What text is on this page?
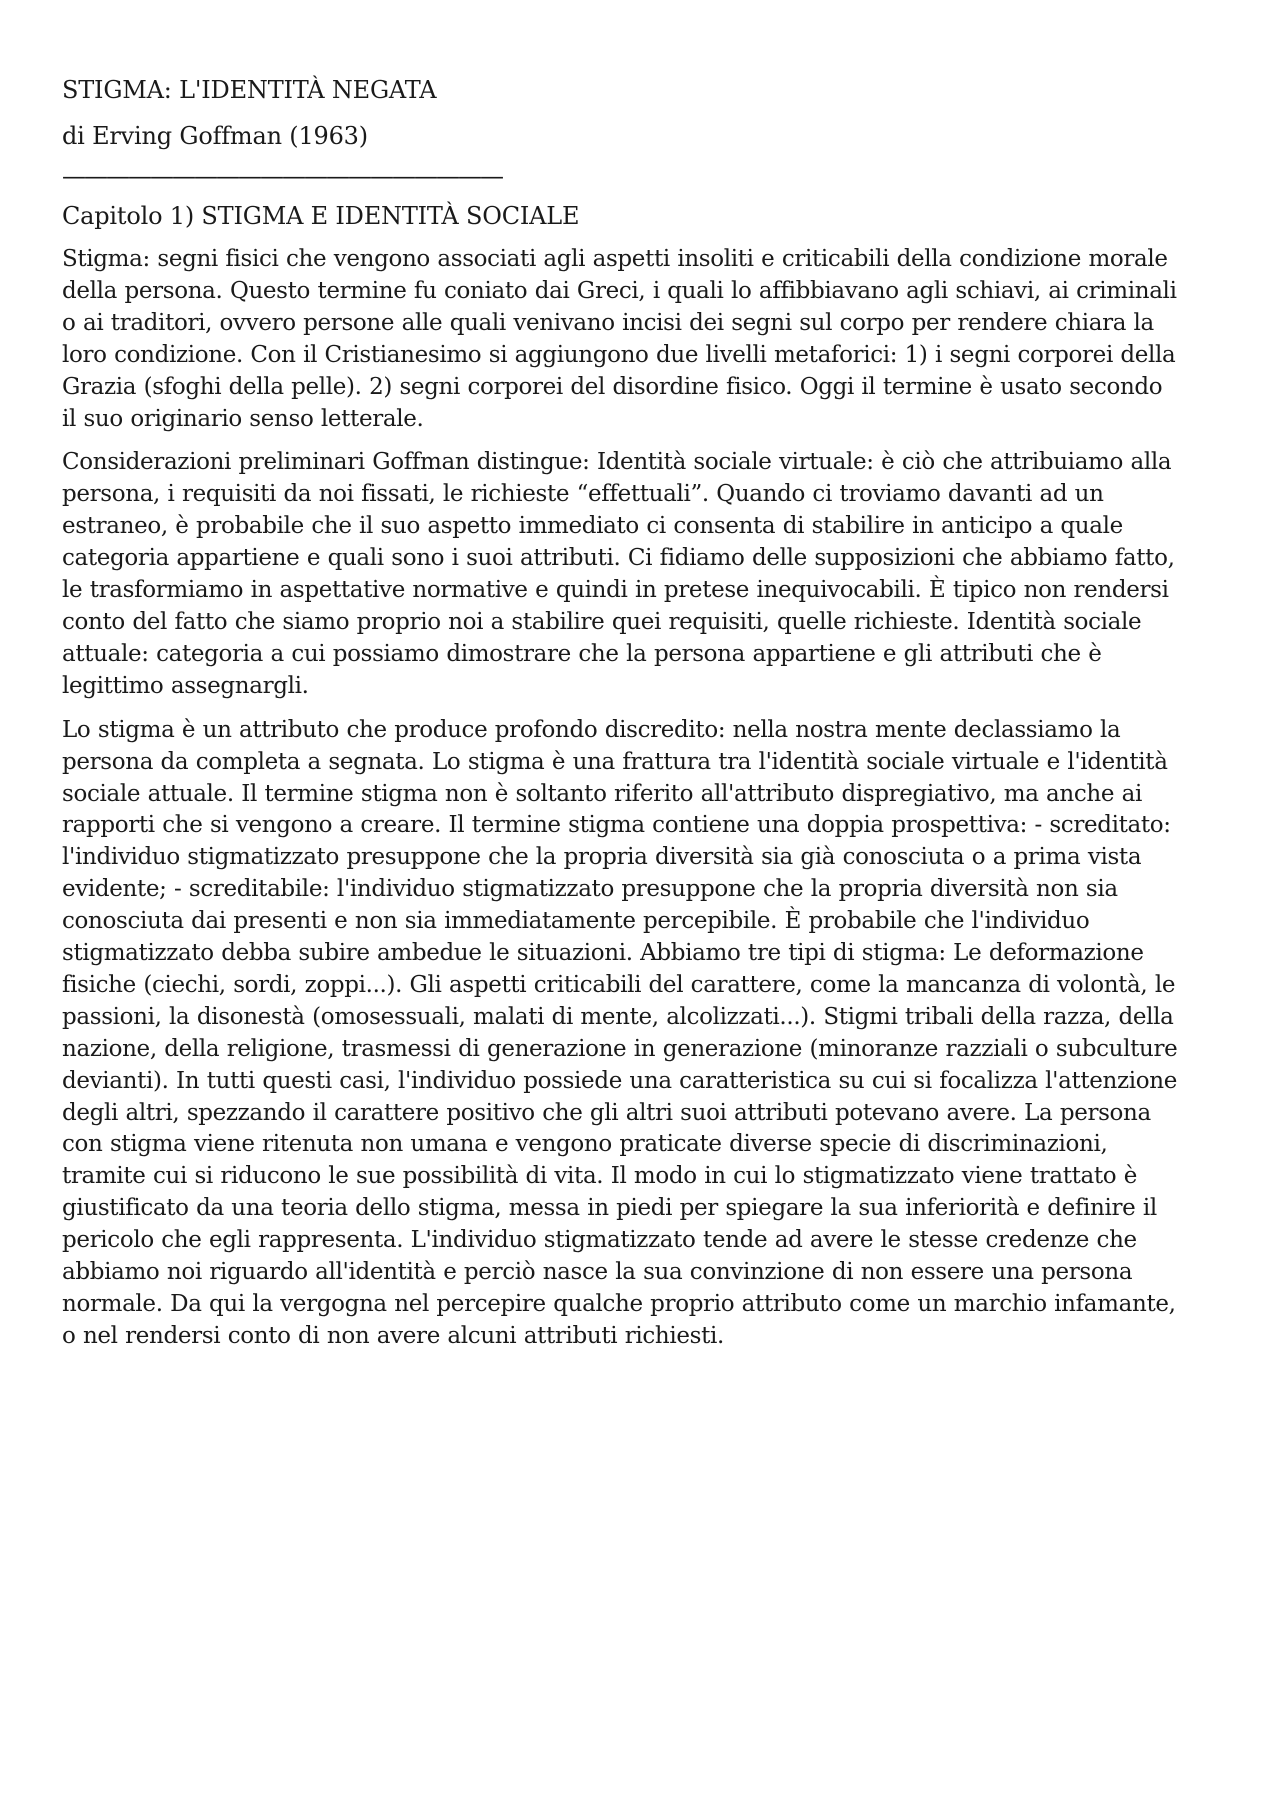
STIGMA: L'IDENTITÀ NEGATA
di Erving Goffman (1963)
————————————————————
Capitolo 1) STIGMA E IDENTITÀ SOCIALE
Stigma: segni fisici che vengono associati agli aspetti insoliti e criticabili della condizione morale della persona. Questo termine fu coniato dai Greci, i quali lo affibbiavano agli schiavi, ai criminali o ai traditori, ovvero persone alle quali venivano incisi dei segni sul corpo per rendere chiara la loro condizione. Con il Cristianesimo si aggiungono due livelli metaforici: 1) i segni corporei della Grazia (sfoghi della pelle). 2) segni corporei del disordine fisico. Oggi il termine è usato secondo il suo originario senso letterale.
Considerazioni preliminari Goffman distingue: Identità sociale virtuale: è ciò che attribuiamo alla persona, i requisiti da noi fissati, le richieste “effettuali”. Quando ci troviamo davanti ad un estraneo, è probabile che il suo aspetto immediato ci consenta di stabilire in anticipo a quale categoria appartiene e quali sono i suoi attributi. Ci fidiamo delle supposizioni che abbiamo fatto, le trasformiamo in aspettative normative e quindi in pretese inequivocabili. È tipico non rendersi conto del fatto che siamo proprio noi a stabilire quei requisiti, quelle richieste. Identità sociale attuale: categoria a cui possiamo dimostrare che la persona appartiene e gli attributi che è legittimo assegnargli.
Lo stigma è un attributo che produce profondo discredito: nella nostra mente declassiamo la persona da completa a segnata. Lo stigma è una frattura tra l'identità sociale virtuale e l'identità sociale attuale. Il termine stigma non è soltanto riferito all'attributo dispregiativo, ma anche ai rapporti che si vengono a creare. Il termine stigma contiene una doppia prospettiva: - screditato: l'individuo stigmatizzato presuppone che la propria diversità sia già conosciuta o a prima vista evidente; - screditabile: l'individuo stigmatizzato presuppone che la propria diversità non sia conosciuta dai presenti e non sia immediatamente percepibile. È probabile che l'individuo stigmatizzato debba subire ambedue le situazioni. Abbiamo tre tipi di stigma: Le deformazione fisiche (ciechi, sordi, zoppi...). Gli aspetti criticabili del carattere, come la mancanza di volontà, le passioni, la disonestà (omosessuali, malati di mente, alcolizzati...). Stigmi tribali della razza, della nazione, della religione, trasmessi di generazione in generazione (minoranze razziali o subculture devianti). In tutti questi casi, l'individuo possiede una caratteristica su cui si focalizza l'attenzione degli altri, spezzando il carattere positivo che gli altri suoi attributi potevano avere. La persona con stigma viene ritenuta non umana e vengono praticate diverse specie di discriminazioni, tramite cui si riducono le sue possibilità di vita. Il modo in cui lo stigmatizzato viene trattato è giustificato da una teoria dello stigma, messa in piedi per spiegare la sua inferiorità e definire il pericolo che egli rappresenta. L'individuo stigmatizzato tende ad avere le stesse credenze che abbiamo noi riguardo all'identità e perciò nasce la sua convinzione di non essere una persona normale. Da qui la vergogna nel percepire qualche proprio attributo come un marchio infamante, o nel rendersi conto di non avere alcuni attributi richiesti.
